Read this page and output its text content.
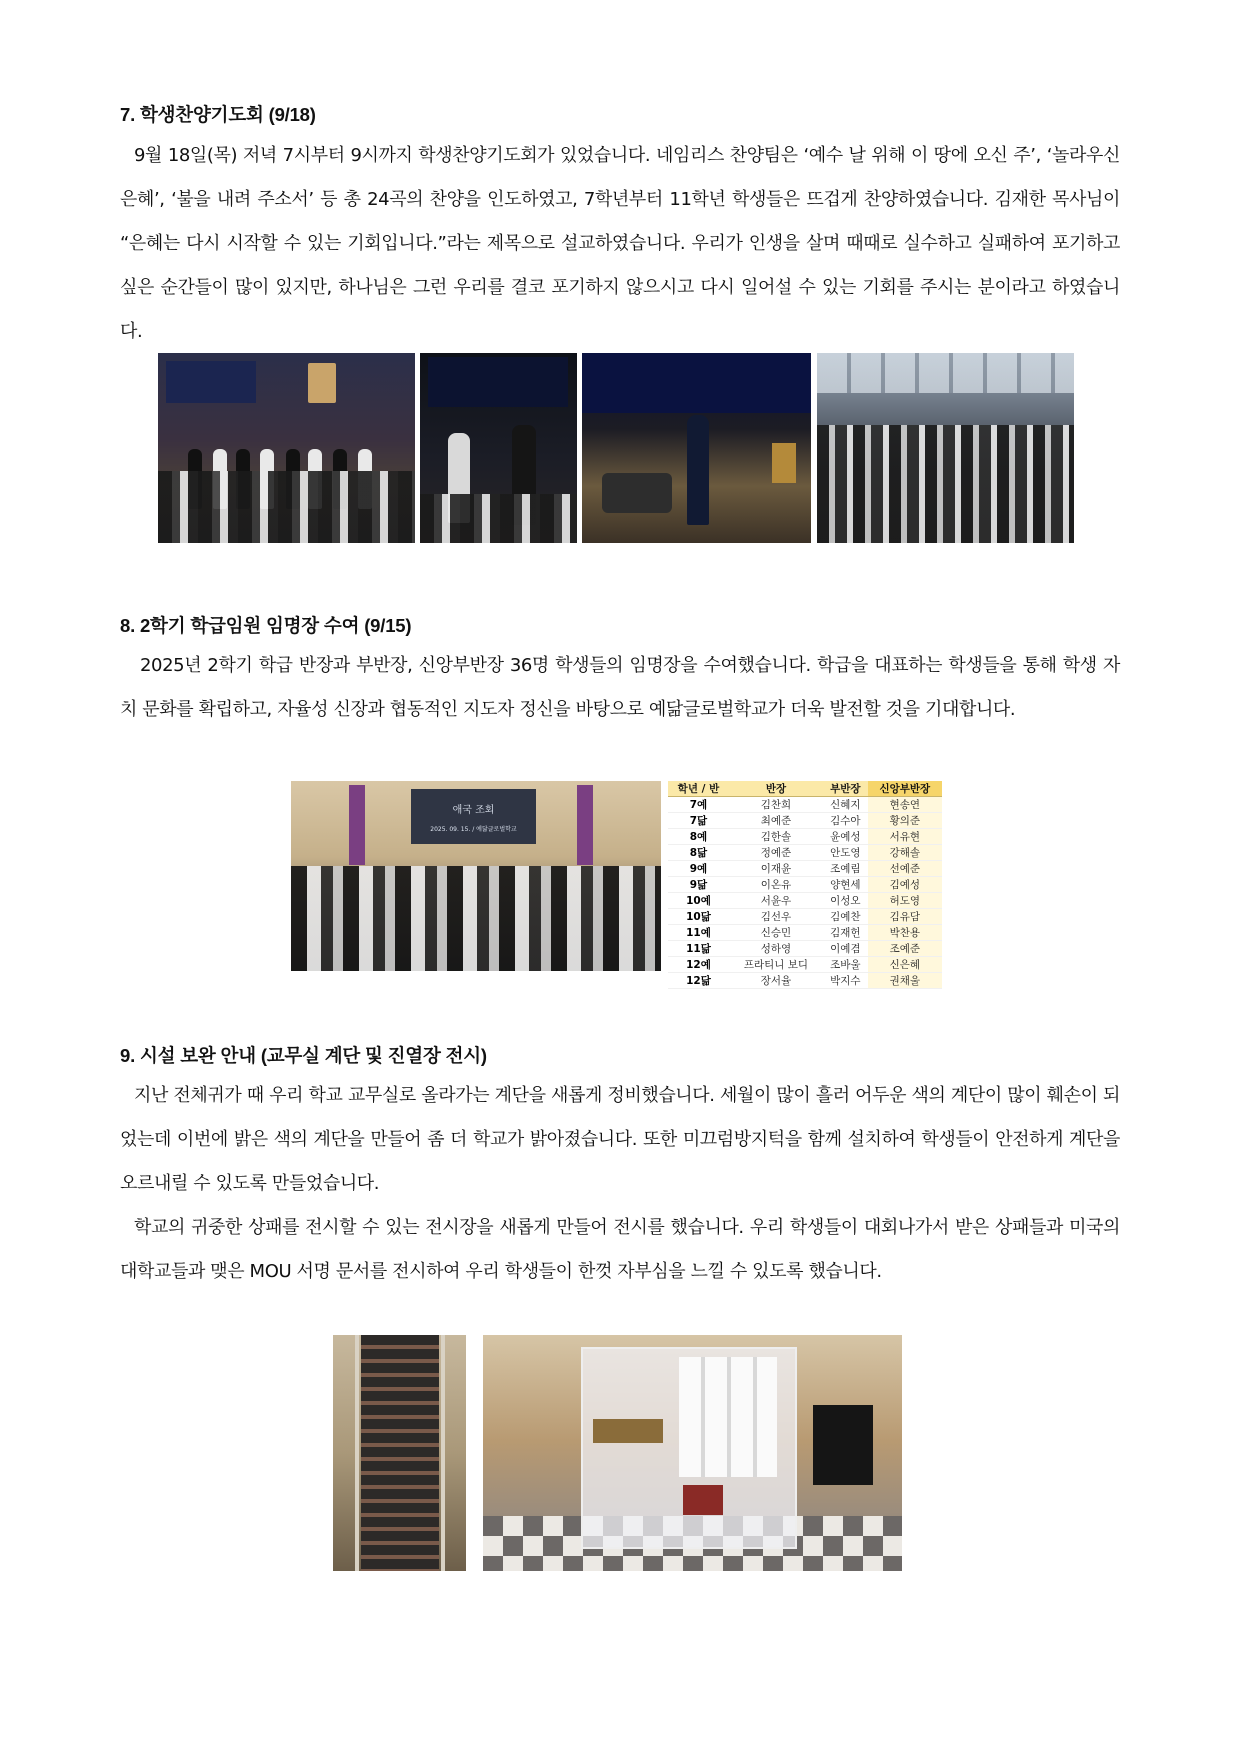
7. 학생찬양기도회 (9/18)

9월 18일(목) 저녁 7시부터 9시까지 학생찬양기도회가 있었습니다. 네임리스 찬양팀은 ‘예수 날 위해 이 땅에 오신 주’, ‘놀라우신 은혜’, ‘불을 내려 주소서’ 등 총 24곡의 찬양을 인도하였고, 7학년부터 11학년 학생들은 뜨겁게 찬양하였습니다. 김재한 목사님이 “은혜는 다시 시작할 수 있는 기회입니다.”라는 제목으로 설교하였습니다. 우리가 인생을 살며 때때로 실수하고 실패하여 포기하고 싶은 순간들이 많이 있지만, 하나님은 그런 우리를 결코 포기하지 않으시고 다시 일어설 수 있는 기회를 주시는 분이라고 하였습니다.

8. 2학기 학급임원 임명장 수여 (9/15)

2025년 2학기 학급 반장과 부반장, 신앙부반장 36명 학생들의 임명장을 수여했습니다. 학급을 대표하는 학생들을 통해 학생 자치 문화를 확립하고, 자율성 신장과 협동적인 지도자 정신을 바탕으로 예닮글로벌학교가 더욱 발전할 것을 기대합니다.

애국 조회
2025. 09. 15. / 예닮글로벌학교
학년 / 반	반장	부반장	신앙부반장
7예	김찬희	신혜지	현송연
7닮	최예준	김수아	황의준
8예	김한솔	윤예성	서유현
8닮	정예준	안도영	강해솔
9예	이재윤	조예림	선예준
9닮	이온유	양현세	김예성
10예	서윤우	이성오	허도영
10닮	김선우	김예찬	김유담
11예	신승민	김재헌	박찬용
11닮	성하영	이예겸	조예준
12예	프라티니 보디	조바울	신은혜
12닮	장서율	박지수	권채울
9. 시설 보완 안내 (교무실 계단 및 진열장 전시)

지난 전체귀가 때 우리 학교 교무실로 올라가는 계단을 새롭게 정비했습니다. 세월이 많이 흘러 어두운 색의 계단이 많이 훼손이 되었는데 이번에 밝은 색의 계단을 만들어 좀 더 학교가 밝아졌습니다. 또한 미끄럼방지턱을 함께 설치하여 학생들이 안전하게 계단을 오르내릴 수 있도록 만들었습니다.

학교의 귀중한 상패를 전시할 수 있는 전시장을 새롭게 만들어 전시를 했습니다. 우리 학생들이 대회나가서 받은 상패들과 미국의 대학교들과 맺은 MOU 서명 문서를 전시하여 우리 학생들이 한껏 자부심을 느낄 수 있도록 했습니다.
